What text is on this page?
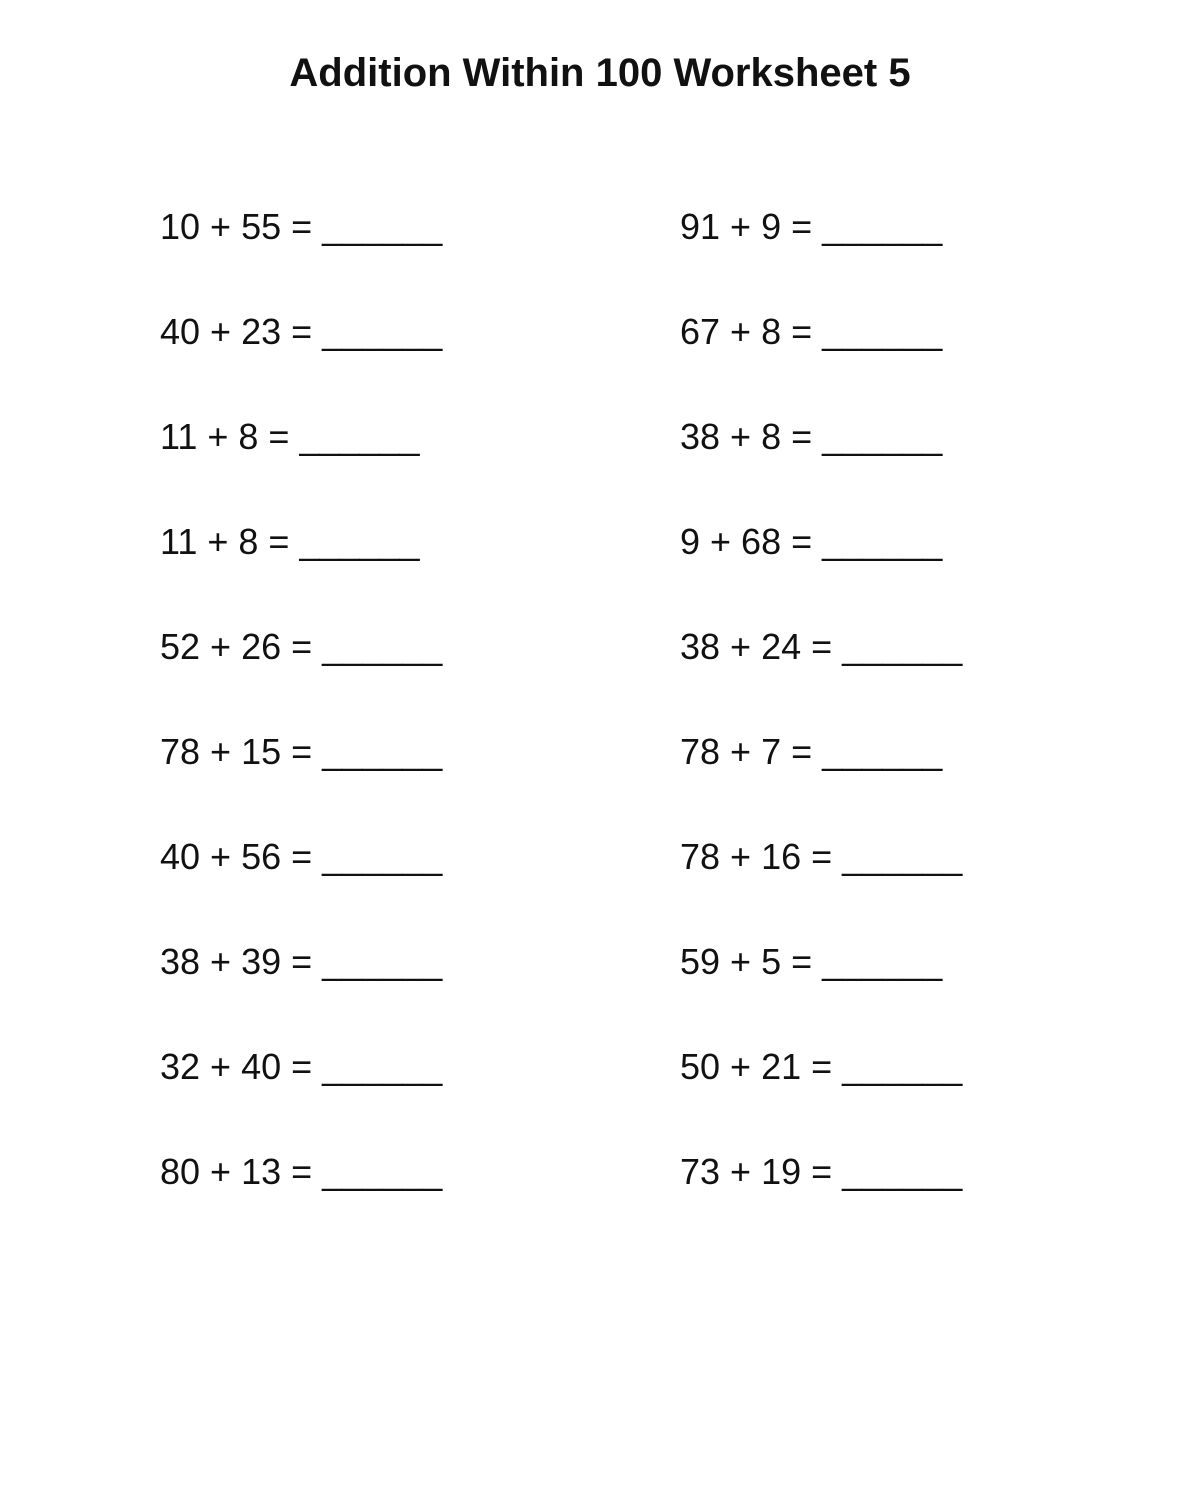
Addition Within 100 Worksheet 5
10 + 55 = ______
40 + 23 = ______
11 + 8 = ______
11 + 8 = ______
52 + 26 = ______
78 + 15 = ______
40 + 56 = ______
38 + 39 = ______
32 + 40 = ______
80 + 13 = ______
91 + 9 = ______
67 + 8 = ______
38 + 8 = ______
9 + 68 = ______
38 + 24 = ______
78 + 7 = ______
78 + 16 = ______
59 + 5 = ______
50 + 21 = ______
73 + 19 = ______
